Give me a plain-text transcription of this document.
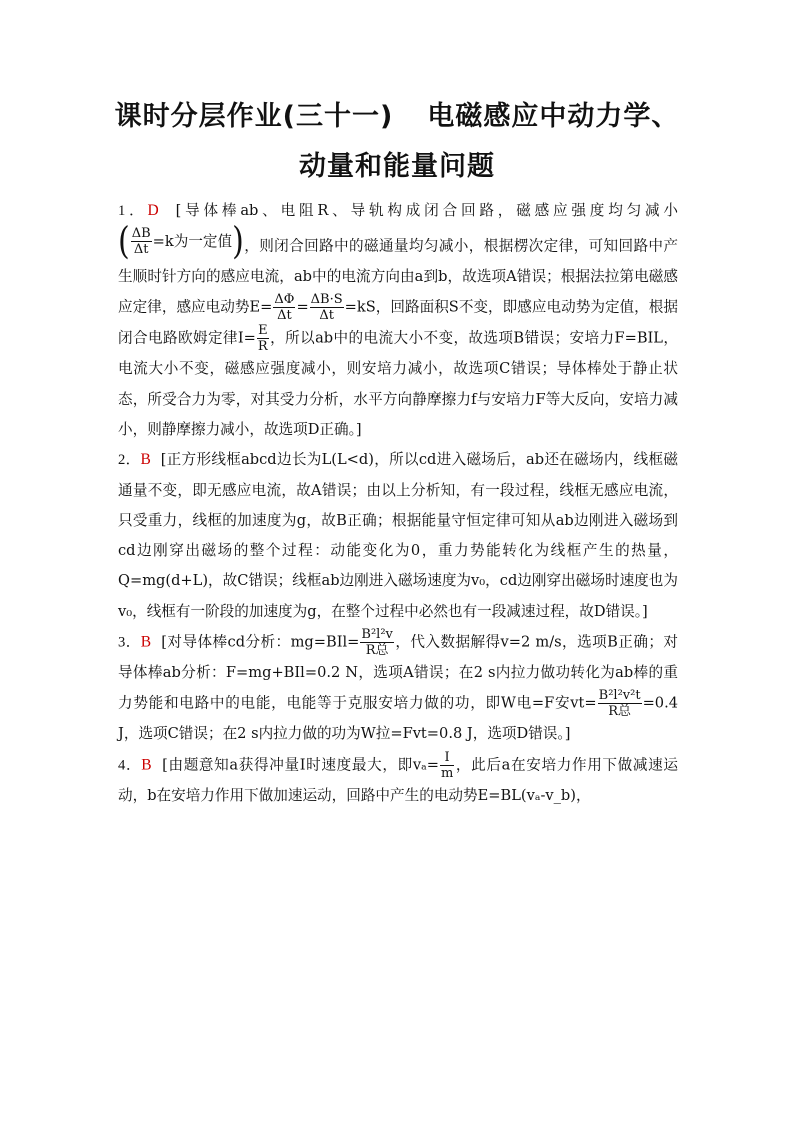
课时分层作业(三十一) 电磁感应中动力学、
动量和能量问题

1．D [导体棒ab、电阻R、导轨构成闭合回路，磁感应强度均匀减小
( $\frac{\Delta B}{\Delta t} =k$为一定值 ) ，则闭合回路中的磁通量均匀减小，根据楞次定律，可知回路中产生顺时针方向的感应电流，ab中的电流方向由a到b，故选项A错误；根据法拉第电磁感应定律，感应电动势$E= \frac{\Delta\Phi}{\Delta t} = \frac{\Delta B\cdot S}{\Delta t} =kS$，回路面积S不变，即感应电动势为定值，根据闭合电路欧姆定律$I= \frac{E}{R}$ ，所以ab中的电流大小不变，故选项B错误；安培力F=BIL，电流大小不变，磁感应强度减小，则安培力减小，故选项C错误；导体棒处于静止状态，所受合力为零，对其受力分析，水平方向静摩擦力f与安培力F等大反向，安培力减小，则静摩擦力减小，故选项D正确。]

2．B [正方形线框abcd边长为L(L<d)，所以cd进入磁场后，ab还在磁场内，线框磁通量不变，即无感应电流，故A错误；由以上分析知，有一段过程，线框无感应电流，只受重力，线框的加速度为g，故B正确；根据能量守恒定律可知从ab边刚进入磁场到cd边刚穿出磁场的整个过程：动能变化为0，重力势能转化为线框产生的热量，Q=mg(d+L)，故C错误；线框ab边刚进入磁场速度为v₀，cd边刚穿出磁场时速度也为v₀，线框有一阶段的加速度为g，在整个过程中必然也有一段减速过程，故D错误。]

3．B [对导体棒cd分析：$mg=BIl= \frac{\text{B²l²v}}{\text{R总}}$ ，代入数据解得v=2 m/s，选项B正确；对导体棒ab分析：F=mg+BIl=0.2 N，选项A错误；在2 s内拉力做功转化为ab棒的重力势能和电路中的电能，电能等于克服安培力做的功，即W电=F安$vt= \frac{\text{B²l²v²t}}{\text{R总}} =0.4$ J，选项C错误；在2 s内拉力做的功为W拉=Fvt=0.8 J，选项D错误。]

4．B [由题意知a获得冲量I时速度最大，即$v_a= \frac{I}{m}$ ，此后a在安培力作用下做减速运动，b在安培力作用下做加速运动，回路中产生的电动势E=BL(vₐ-v_b)，
